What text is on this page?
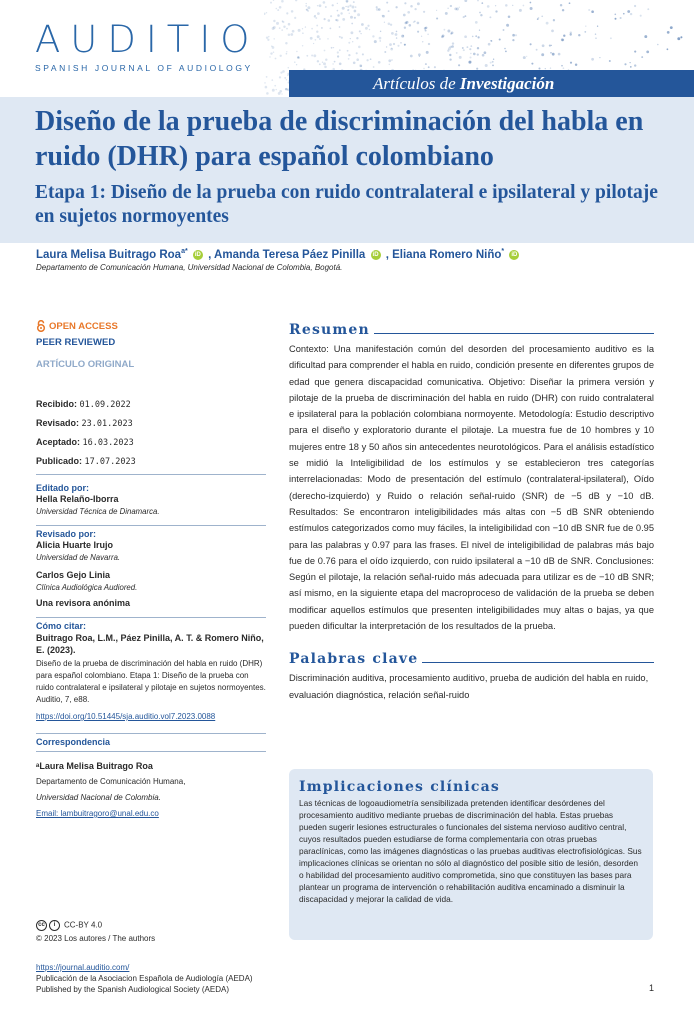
AUDITIO
SPANISH JOURNAL OF AUDIOLOGY
Artículos de Investigación
Diseño de la prueba de discriminación del habla en ruido (DHR) para español colombiano
Etapa 1: Diseño de la prueba con ruido contralateral e ipsilateral y pilotaje en sujetos normoyentes
Laura Melisa Buitrago Roa$^{a*}$ iD , Amanda Teresa Páez Pinilla iD , Eliana Romero Niño* iD
Departamento de Comunicación Humana, Universidad Nacional de Colombia, Bogotá.
OPEN ACCESS
PEER REVIEWED
ARTÍCULO ORIGINAL
Recibido: 01.09.2022
Revisado: 23.01.2023
Aceptado: 16.03.2023
Publicado: 17.07.2023
Editado por:
Hella Relaño-Iborra
Universidad Técnica de Dinamarca.
Revisado por:
Alicia Huarte Irujo
Universidad de Navarra.
Carlos Gejo Linia
Clínica Audiológica Audiored.
Una revisora anónima
Cómo citar:
Buitrago Roa, L.M., Páez Pinilla, A. T. & Romero Niño, E. (2023).
Diseño de la prueba de discriminación del habla en ruido (DHR) para español colombiano. Etapa 1: Diseño de la prueba con ruido contralateral e ipsilateral y pilotaje en sujetos normoyentes. Auditio, 7, e88.
https://doi.org/10.51445/sja.auditio.vol7.2023.0088
Correspondencia
ᵃLaura Melisa Buitrago Roa
Departamento de Comunicación Humana,
Universidad Nacional de Colombia.
Email: lambuitragoro@unal.edu.co
cc	i	CC-BY 4.0
© 2023 Los autores / The authors
https://journal.auditio.com/
Publicación de la Asociacion Española de Audiología (AEDA)
Published by the Spanish Audiological Society (AEDA)	1
Resumen

Contexto: Una manifestación común del desorden del procesamiento auditivo es la dificultad para comprender el habla en ruido, condición presente en diferentes grupos de edad que genera discapacidad comunicativa. Objetivo: Diseñar la primera versión y pilotaje de la prueba de discriminación del habla en ruido (DHR) con ruido contralateral e ipsilateral para la población colombiana normoyente. Metodología: Estudio descriptivo para el diseño y exploratorio durante el pilotaje. La muestra fue de 10 hombres y 10 mujeres entre 18 y 50 años sin antecedentes neurotológicos. Para el análisis estadístico se midió la Inteligibilidad de los estímulos y se establecieron tres categorías interrelacionadas: Modo de presentación del estímulo (contralateral-ipsilateral), Oído (derecho-izquierdo) y Ruido o relación señal-ruido (SNR) de −5 dB y −10 dB. Resultados: Se encontraron inteligibilidades más altas con −5 dB SNR obteniendo estímulos categorizados como muy fáciles, la inteligibilidad con −10 dB SNR fue de 0.95 para las palabras y 0.97 para las frases. El nivel de inteligibilidad de palabras más bajo fue de 0.76 para el oído izquierdo, con ruido ipsilateral a −10 dB de SNR. Conclusiones: Según el pilotaje, la relación señal-ruido más adecuada para utilizar es de −10 dB SNR; así mismo, en la siguiente etapa del macroproceso de validación de la prueba se deben modificar aquellos estímulos que presenten inteligibilidades muy altas o bajas, ya que pueden dificultar la interpretación de los resultados de la prueba.

Palabras clave

Discriminación auditiva, procesamiento auditivo, prueba de audición del habla en ruido, evaluación diagnóstica, relación señal-ruido

Implicaciones clínicas

Las técnicas de logoaudiometría sensibilizada pretenden identificar desórdenes del procesamiento auditivo mediante pruebas de discriminación del habla. Estas pruebas pueden sugerir lesiones estructurales o funcionales del sistema nervioso auditivo central, cuyos resultados pueden estudiarse de forma complementaria con otras pruebas paraclínicas, como las imágenes diagnósticas o las pruebas auditivas electrofisiológicas. Sus implicaciones clínicas se orientan no sólo al diagnóstico del posible sitio de lesión, desorden o habilidad del procesamiento auditivo comprometida, sino que constituyen las bases para plantear un programa de intervención o rehabilitación auditiva encaminado a disminuir la discapacidad y mejorar la calidad de vida.
